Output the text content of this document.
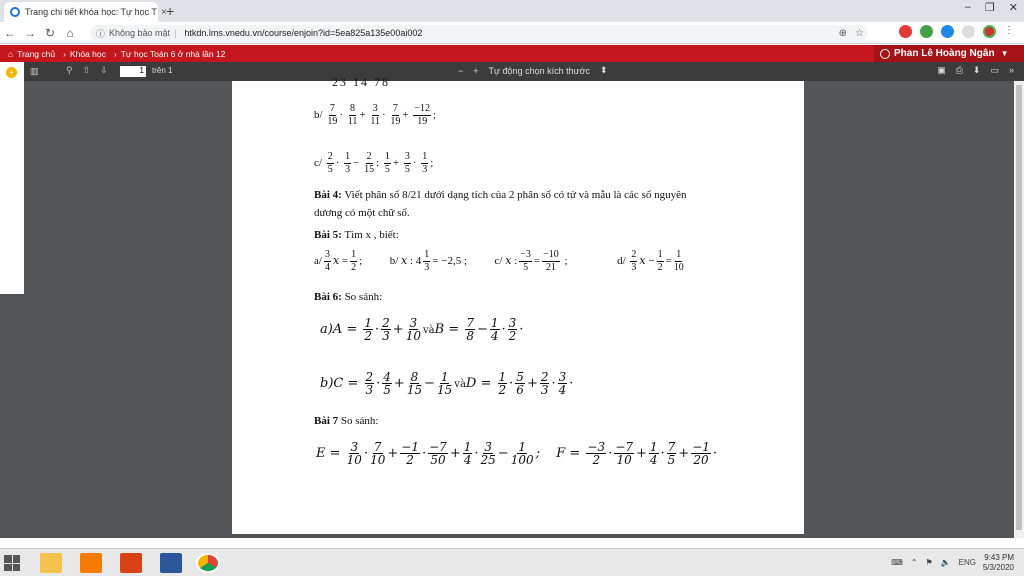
Trang chi tiết khóa học: Tự học T × +	– ❐ ✕
← → ↻ ⌂	ⓘ Không bảo mật | htkdn.lms.vnedu.vn/course/enjoin?id=5ea825a135e00ai002	⊕ ☆	⋮
⌂ Trang chủ › Khóa học › Tự học Toán 6 ở nhà lần 12	Phan Lê Hoàng Ngân ▼
⚲ ⇧ ⇩	1 trên 1	− + Tự động chọn kích thước ⬍	▣ ⎙ ⬇ ▭ »
+	▥
23 14 78
$b/ \frac{7}{19} \cdot \frac{8}{11} + \frac{3}{11} \cdot \frac{7}{19} + \frac{-12}{19}$ ;
$c/ \frac{2}{5} \cdot \frac{1}{3} - \frac{2}{15}$ : $\frac{1}{5} + \frac{3}{5} \cdot \frac{1}{3}$ ;
Bài 4: Viết phân số 8/21 dưới dạng tích của 2 phân số có tử và mẫu là các số nguyên
dương có một chữ số.
Bài 5: Tìm x , biết:
$a/ \frac{3}{4}$ $x = \frac{1}{2}$ ;  b/ x : $4 \frac{1}{3} = -2,5$ ;  c/ x : $\frac{-3}{5} = \frac{-10}{21}$ ;	$d/ \frac{2}{3}$ $x - \frac{1}{2} = \frac{1}{10}$
Bài 6: So sánh:
$a)A = \frac{1}{2} \cdot \frac{2}{3} + \frac{3}{10}$ vàB = $\frac{7}{8} - \frac{1}{4} \cdot \frac{3}{2}$ ·
$b)C = \frac{2}{3} \cdot \frac{4}{5} + \frac{8}{15} - \frac{1}{15}$ vàD = $\frac{1}{2} \cdot \frac{5}{6} + \frac{2}{3} \cdot \frac{3}{4}$ ·
Bài 7 So sánh:
$E = \frac{3}{10} \cdot \frac{7}{10} + \frac{-1}{2} \cdot \frac{-7}{50} + \frac{1}{4} \cdot \frac{3}{25} - \frac{1}{100}$ ;  $F = \frac{-3}{2} \cdot \frac{-7}{10} + \frac{1}{4} \cdot \frac{7}{5} + \frac{-1}{20}$ ·
⌨ ⌃ ⚑ 🔈 ENG
9:43 PM
5/3/2020
